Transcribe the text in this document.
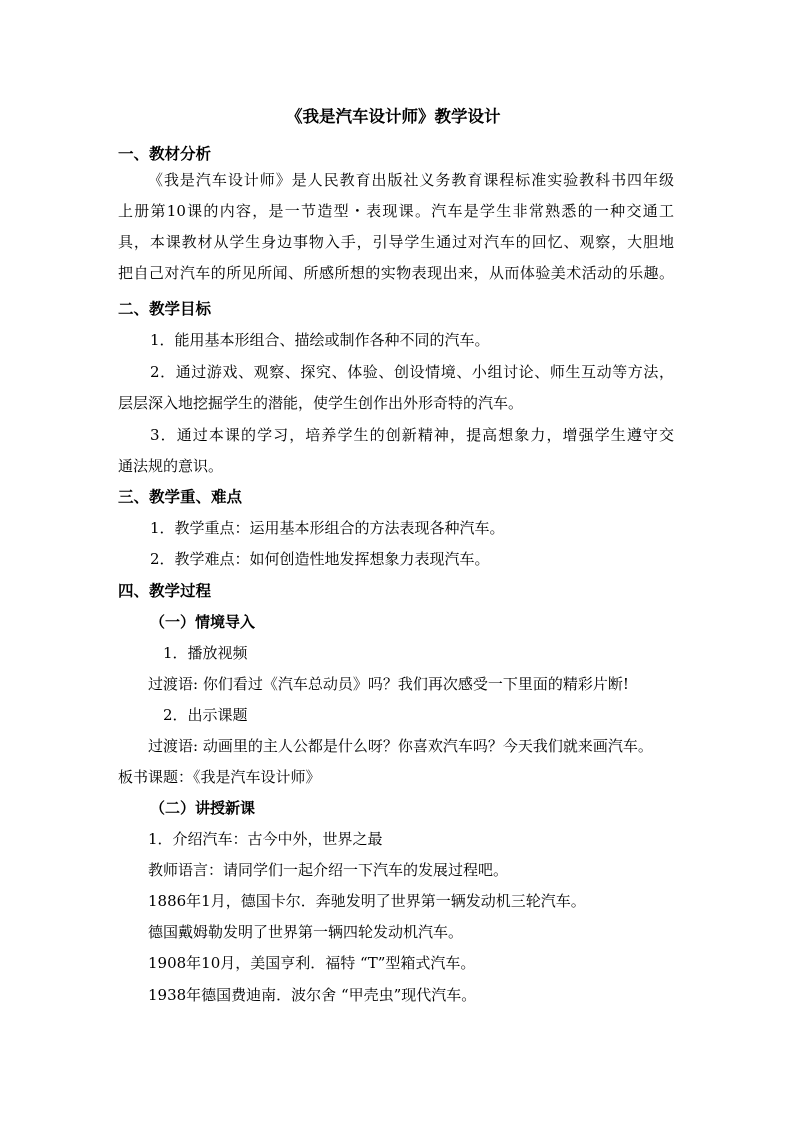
《我是汽车设计师》教学设计
一、教材分析
《我是汽车设计师》是人民教育出版社义务教育课程标准实验教科书四年级
上册第10课的内容，是一节造型・表现课。汽车是学生非常熟悉的一种交通工
具，本课教材从学生身边事物入手，引导学生通过对汽车的回忆、观察，大胆地
把自己对汽车的所见所闻、所感所想的实物表现出来，从而体验美术活动的乐趣。
二、教学目标
1．能用基本形组合、描绘或制作各种不同的汽车。
2．通过游戏、观察、探究、体验、创设情境、小组讨论、师生互动等方法，
层层深入地挖掘学生的潜能，使学生创作出外形奇特的汽车。
3．通过本课的学习，培养学生的创新精神，提高想象力，增强学生遵守交
通法规的意识。
三、教学重、难点
1．教学重点：运用基本形组合的方法表现各种汽车。
2．教学难点：如何创造性地发挥想象力表现汽车。
四、教学过程
（一）情境导入
1．播放视频
过渡语: 你们看过《汽车总动员》吗？我们再次感受一下里面的精彩片断!
2．出示课题
过渡语: 动画里的主人公都是什么呀？你喜欢汽车吗？今天我们就来画汽车。
板书课题：《我是汽车设计师》
（二）讲授新课
1．介绍汽车：古今中外，世界之最
教师语言：请同学们一起介绍一下汽车的发展过程吧。
1886年1月，德国卡尔．奔驰发明了世界第一辆发动机三轮汽车。
德国戴姆勒发明了世界第一辆四轮发动机汽车。
1908年10月，美国亨利．福特 “T”型箱式汽车。
1938年德国费迪南．波尔舍 “甲壳虫”现代汽车。
